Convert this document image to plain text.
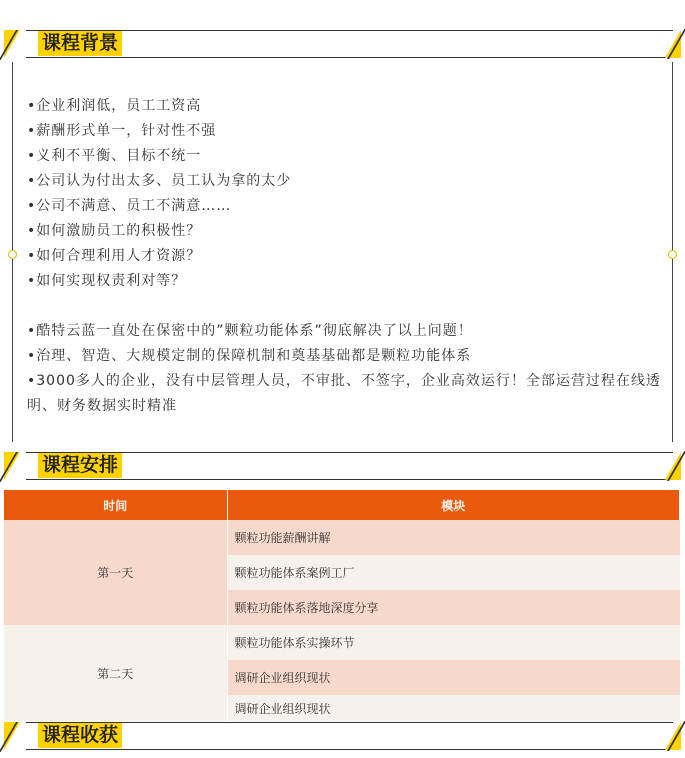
课程背景

•企业利润低，员工工资高

•薪酬形式单一，针对性不强

•义利不平衡、目标不统一

•公司认为付出太多、员工认为拿的太少

•公司不满意、员工不满意……

•如何激励员工的积极性？

•如何合理利用人才资源？

•如何实现权责利对等？

•酷特云蓝一直处在保密中的”颗粒功能体系”彻底解决了以上问题！

•治理、智造、大规模定制的保障机制和奠基基础都是颗粒功能体系

•3000多人的企业，没有中层管理人员，不审批、不签字，企业高效运行！全部运营过程在线透明、财务数据实时精准

课程安排
时间	模块
第一天	颗粒功能薪酬讲解
	颗粒功能体系案例工厂
	颗粒功能体系落地深度分享
第二天	颗粒功能体系实操环节
	调研企业组织现状
	调研企业组织现状
课程收获
